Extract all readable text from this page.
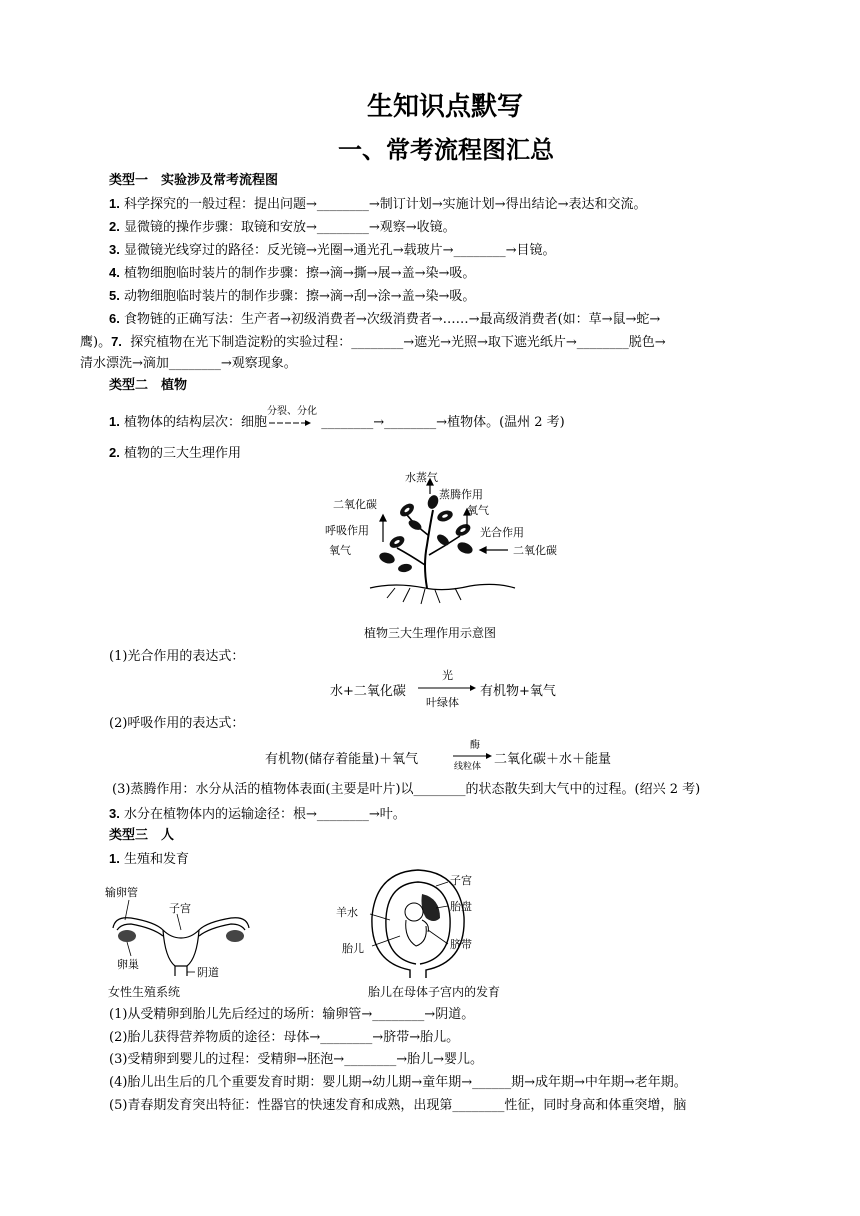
生知识点默写
一、常考流程图汇总
类型一　实验涉及常考流程图
1. 科学探究的一般过程：提出问题→________→制订计划→实施计划→得出结论→表达和交流。
2. 显微镜的操作步骤：取镜和安放→________→观察→收镜。
3. 显微镜光线穿过的路径：反光镜→光圈→通光孔→载玻片→________→目镜。
4. 植物细胞临时装片的制作步骤：擦→滴→撕→展→盖→染→吸。
5. 动物细胞临时装片的制作步骤：擦→滴→刮→涂→盖→染→吸。
6. 食物链的正确写法：生产者→初级消费者→次级消费者→……→最高级消费者(如：草→鼠→蛇→
鹰)。7. 探究植物在光下制造淀粉的实验过程：________→遮光→光照→取下遮光纸片→________脱色→
清水漂洗→滴加________→观察现象。
类型二　植物
1. 植物体的结构层次：细胞
分裂、分化
________→________→植物体。(温州 2 考)
2. 植物的三大生理作用
水蒸气
蒸腾作用
二氧化碳	氧气
呼吸作用	光合作用
氧气	二氧化碳
植物三大生理作用示意图
(1)光合作用的表达式：
水+二氧化碳
光
叶绿体
有机物+氧气
(2)呼吸作用的表达式：
有机物(储存着能量)＋氧气
酶
线粒体 二氧化碳＋水＋能量
(3)蒸腾作用：水分从活的植物体表面(主要是叶片)以________的状态散失到大气中的过程。(绍兴 2 考)
3. 水分在植物体内的运输途径：根→________→叶。
类型三　人
1. 生殖和发育
输卵管
子宫
卵巢
阴道
女性生殖系统
子宫
羊水	胎盘
胎儿	脐带
胎儿在母体子宫内的发育
(1)从受精卵到胎儿先后经过的场所：输卵管→________→阴道。
(2)胎儿获得营养物质的途径：母体→________→脐带→胎儿。
(3)受精卵到婴儿的过程：受精卵→胚泡→________→胎儿→婴儿。
(4)胎儿出生后的几个重要发育时期：婴儿期→幼儿期→童年期→______期→成年期→中年期→老年期。
(5)青春期发育突出特征：性器官的快速发育和成熟，出现第________性征，同时身高和体重突增，脑
